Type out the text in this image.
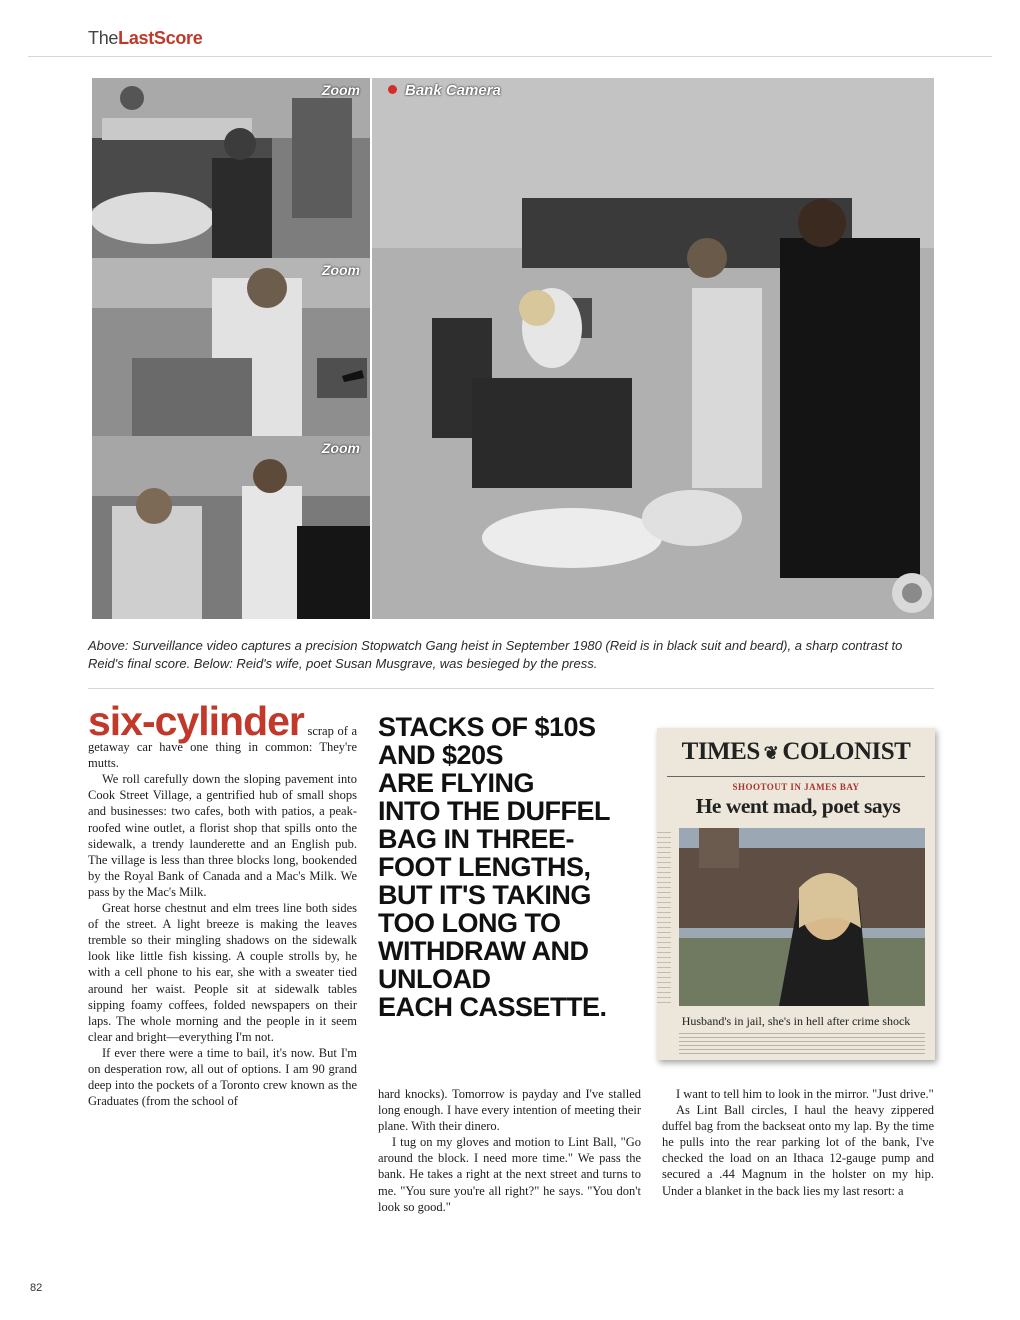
TheLastScore
Zoom
Zoom
Zoom
Bank Camera
Above: Surveillance video captures a precision Stopwatch Gang heist in September 1980 (Reid is in black suit and beard), a sharp contrast to Reid's final score. Below: Reid's wife, poet Susan Musgrave, was besieged by the press.

six-cylinder scrap of a getaway car have one thing in common: They're mutts.

We roll carefully down the sloping pavement into Cook Street Village, a gentrified hub of small shops and businesses: two cafes, both with patios, a peak-roofed wine outlet, a florist shop that spills onto the sidewalk, a trendy launderette and an English pub. The village is less than three blocks long, bookended by the Royal Bank of Canada and a Mac's Milk. We pass by the Mac's Milk.

Great horse chestnut and elm trees line both sides of the street. A light breeze is making the leaves tremble so their mingling shadows on the sidewalk look like little fish kissing. A couple strolls by, he with a cell phone to his ear, she with a sweater tied around her waist. People sit at sidewalk tables sipping foamy coffees, folded newspapers on their laps. The whole morning and the people in it seem clear and bright—everything I'm not.

If ever there were a time to bail, it's now. But I'm on desperation row, all out of options. I am 90 grand deep into the pockets of a Toronto crew known as the Graduates (from the school of

STACKS OF $10S
AND $20S
ARE FLYING
INTO THE DUFFEL
BAG IN THREE-
FOOT LENGTHS,
BUT IT'S TAKING
TOO LONG TO
WITHDRAW AND
UNLOAD
EACH CASSETTE.

hard knocks). Tomorrow is payday and I've stalled long enough. I have every intention of meeting their plane. With their dinero.

I tug on my gloves and motion to Lint Ball, "Go around the block. I need more time." We pass the bank. He takes a right at the next street and turns to me. "You sure you're all right?" he says. "You don't look so good."

TIMES ❦ COLONIST
SHOOTOUT IN JAMES BAY
He went mad, poet says
Husband's in jail, she's in hell after crime shock

I want to tell him to look in the mirror. "Just drive."

As Lint Ball circles, I haul the heavy zippered duffel bag from the backseat onto my lap. By the time he pulls into the rear parking lot of the bank, I've checked the load on an Ithaca 12-gauge pump and secured a .44 Magnum in the holster on my hip. Under a blanket in the back lies my last resort: a

82
